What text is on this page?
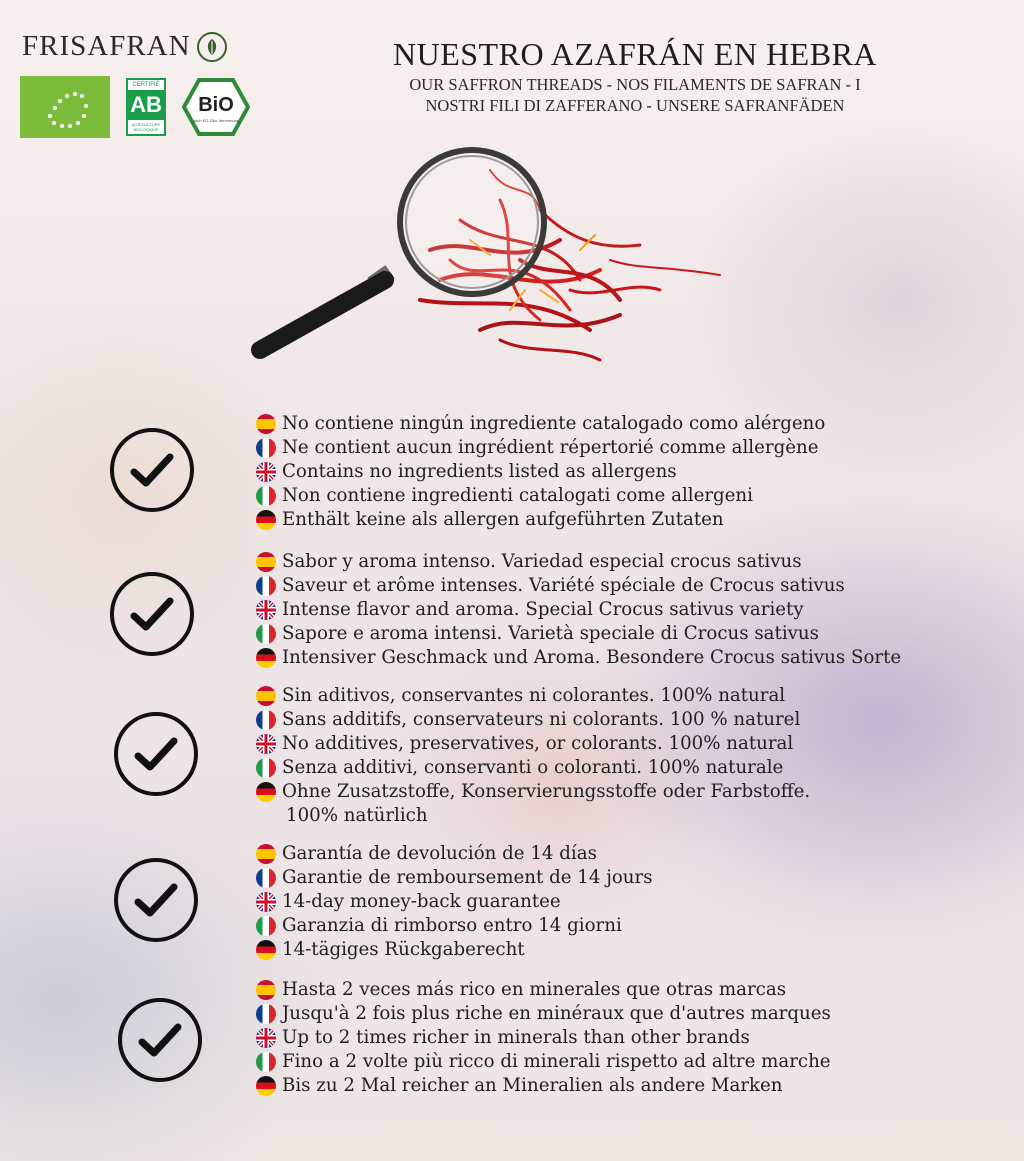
FRISAFRAN
CERTIFIÉ
AB
AGRICULTURE BIOLOGIQUE
BiO
nach EG-Öko-Verordnung
NUESTRO AZAFRÁN EN HEBRA
OUR SAFFRON THREADS - NOS FILAMENTS DE SAFRAN - I
NOSTRI FILI DI ZAFFERANO - UNSERE SAFRANFÄDEN
No contiene ningún ingrediente catalogado como alérgeno
Ne contient aucun ingrédient répertorié comme allergène
Contains no ingredients listed as allergens
Non contiene ingredienti catalogati come allergeni
Enthält keine als allergen aufgeführten Zutaten
Sabor y aroma intenso. Variedad especial crocus sativus
Saveur et arôme intenses. Variété spéciale de Crocus sativus
Intense flavor and aroma. Special Crocus sativus variety
Sapore e aroma intensi. Varietà speciale di Crocus sativus
Intensiver Geschmack und Aroma. Besondere Crocus sativus Sorte
Sin aditivos, conservantes ni colorantes. 100% natural
Sans additifs, conservateurs ni colorants. 100 % naturel
No additives, preservatives, or colorants. 100% natural
Senza additivi, conservanti o coloranti. 100% naturale
Ohne Zusatzstoffe, Konservierungsstoffe oder Farbstoffe.
100% natürlich
Garantía de devolución de 14 días
Garantie de remboursement de 14 jours
14-day money-back guarantee
Garanzia di rimborso entro 14 giorni
14-tägiges Rückgaberecht
Hasta 2 veces más rico en minerales que otras marcas
Jusqu'à 2 fois plus riche en minéraux que d'autres marques
Up to 2 times richer in minerals than other brands
Fino a 2 volte più ricco di minerali rispetto ad altre marche
Bis zu 2 Mal reicher an Mineralien als andere Marken
